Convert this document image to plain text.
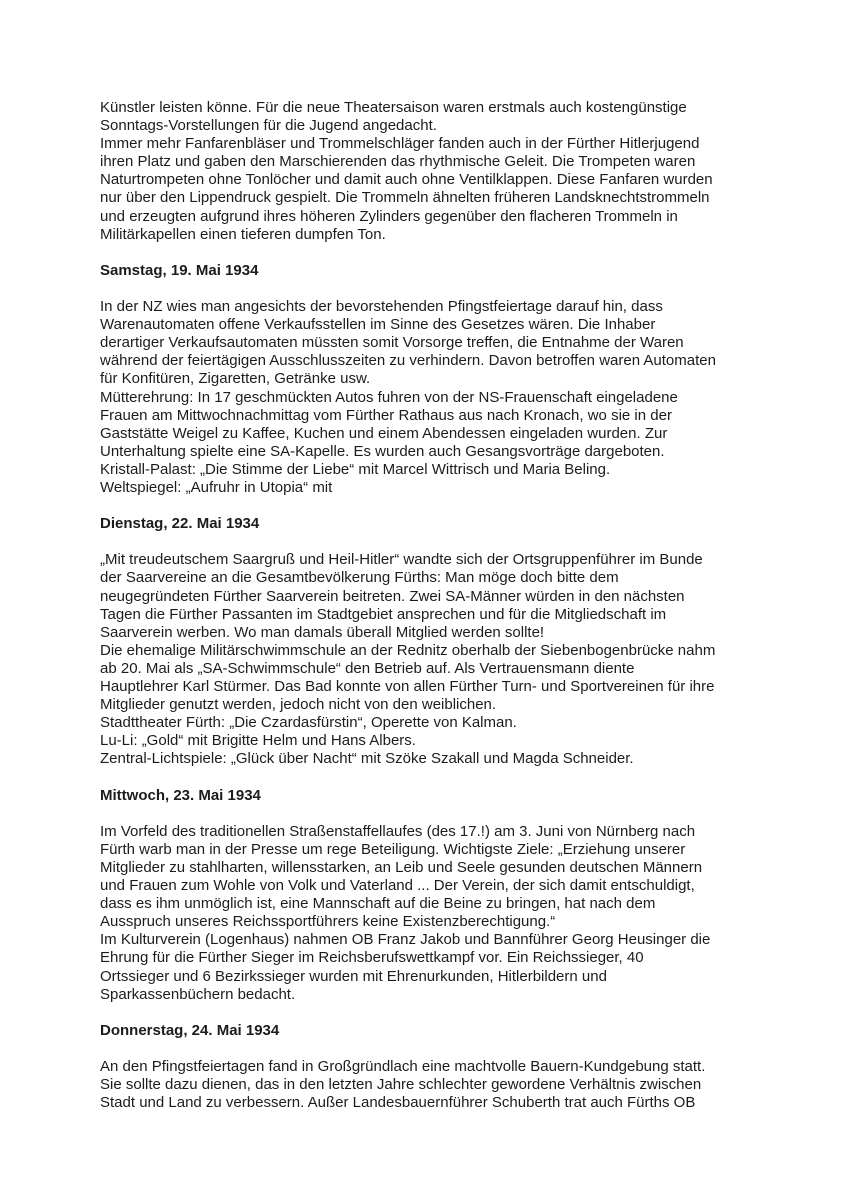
Künstler leisten könne. Für die neue Theatersaison waren erstmals auch kostengünstige
Sonntags-Vorstellungen für die Jugend angedacht.
Immer mehr Fanfarenbläser und Trommelschläger fanden auch in der Fürther Hitlerjugend
ihren Platz und gaben den Marschierenden das rhythmische Geleit. Die Trompeten waren
Naturtrompeten ohne Tonlöcher und damit auch ohne Ventilklappen. Diese Fanfaren wurden
nur über den Lippendruck gespielt. Die Trommeln ähnelten früheren Landsknechtstrommeln
und erzeugten aufgrund ihres höheren Zylinders gegenüber den flacheren Trommeln in
Militärkapellen einen tieferen dumpfen Ton.
Samstag, 19. Mai 1934
In der NZ wies man angesichts der bevorstehenden Pfingstfeiertage darauf hin, dass
Warenautomaten offene Verkaufsstellen im Sinne des Gesetzes wären. Die Inhaber
derartiger Verkaufsautomaten müssten somit Vorsorge treffen, die Entnahme der Waren
während der feiertägigen Ausschlusszeiten zu verhindern. Davon betroffen waren Automaten
für Konfitüren, Zigaretten, Getränke usw.
Mütterehrung: In 17 geschmückten Autos fuhren von der NS-Frauenschaft eingeladene
Frauen am Mittwochnachmittag vom Fürther Rathaus aus nach Kronach, wo sie in der
Gaststätte Weigel zu Kaffee, Kuchen und einem Abendessen eingeladen wurden. Zur
Unterhaltung spielte eine SA-Kapelle. Es wurden auch Gesangsvorträge dargeboten.
Kristall-Palast: „Die Stimme der Liebe“ mit Marcel Wittrisch und Maria Beling.
Weltspiegel: „Aufruhr in Utopia“ mit
Dienstag, 22. Mai 1934
„Mit treudeutschem Saargruß und Heil-Hitler“ wandte sich der Ortsgruppenführer im Bunde
der Saarvereine an die Gesamtbevölkerung Fürths: Man möge doch bitte dem
neugegründeten Fürther Saarverein beitreten. Zwei SA-Männer würden in den nächsten
Tagen die Fürther Passanten im Stadtgebiet ansprechen und für die Mitgliedschaft im
Saarverein werben. Wo man damals überall Mitglied werden sollte!
Die ehemalige Militärschwimmschule an der Rednitz oberhalb der Siebenbogenbrücke nahm
ab 20. Mai als „SA-Schwimmschule“ den Betrieb auf. Als Vertrauensmann diente
Hauptlehrer Karl Stürmer. Das Bad konnte von allen Fürther Turn- und Sportvereinen für ihre
Mitglieder genutzt werden, jedoch nicht von den weiblichen.
Stadttheater Fürth: „Die Czardasfürstin“, Operette von Kalman.
Lu-Li: „Gold“ mit Brigitte Helm und Hans Albers.
Zentral-Lichtspiele: „Glück über Nacht“ mit Szöke Szakall und Magda Schneider.
Mittwoch, 23. Mai 1934
Im Vorfeld des traditionellen Straßenstaffellaufes (des 17.!) am 3. Juni von Nürnberg nach
Fürth warb man in der Presse um rege Beteiligung. Wichtigste Ziele: „Erziehung unserer
Mitglieder zu stahlharten, willensstarken, an Leib und Seele gesunden deutschen Männern
und Frauen zum Wohle von Volk und Vaterland ... Der Verein, der sich damit entschuldigt,
dass es ihm unmöglich ist, eine Mannschaft auf die Beine zu bringen, hat nach dem
Ausspruch unseres Reichssportführers keine Existenzberechtigung.“
Im Kulturverein (Logenhaus) nahmen OB Franz Jakob und Bannführer Georg Heusinger die
Ehrung für die Fürther Sieger im Reichsberufswettkampf vor. Ein Reichssieger, 40
Ortssieger und 6 Bezirkssieger wurden mit Ehrenurkunden, Hitlerbildern und
Sparkassenbüchern bedacht.
Donnerstag, 24. Mai 1934
An den Pfingstfeiertagen fand in Großgründlach eine machtvolle Bauern-Kundgebung statt.
Sie sollte dazu dienen, das in den letzten Jahre schlechter gewordene Verhältnis zwischen
Stadt und Land zu verbessern. Außer Landesbauernführer Schuberth trat auch Fürths OB
